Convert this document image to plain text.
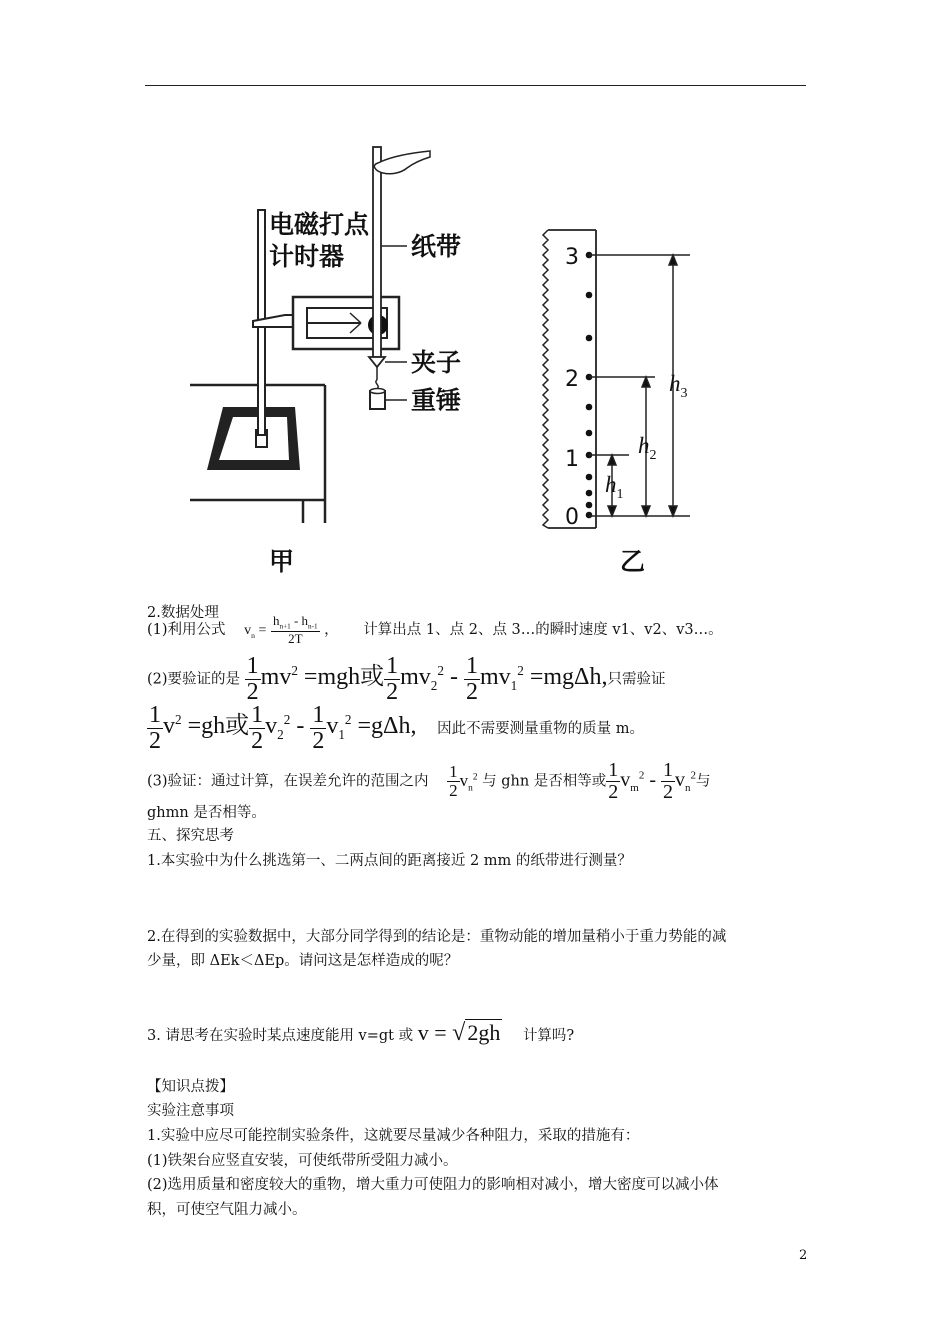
电磁打点
计时器	纸带
夹子
重锤
甲
3
2
1
0
$h_3$
$h_2$
$h_1$
乙
2.数据处理
(1)利用公式 $v_n = \frac{h_{n+1} - h_{n-1}}{2T}$ ， 计算出点 1、点 2、点 3…的瞬时速度 v1、v2、v3…。
(2)要验证的是 $\frac{1}{2} mv^2 =mgh$或 $\frac{1}{2} mv_2^2 - \frac{1}{2} mv_1^2 =mg\Delta h$,只需验证
$\frac{1}{2} v^2 =gh$或 $\frac{1}{2} v_2^2 - \frac{1}{2} v_1^2 =g\Delta h$, 因此不需要测量重物的质量 m。
(3)验证：通过计算，在误差允许的范围之内 $\frac{1}{2} v_n^2$ 与 ghn 是否相等或 $\frac{1}{2} v_m^2 - \frac{1}{2} v_n^2$与
ghmn 是否相等。
五、探究思考
1.本实验中为什么挑选第一、二两点间的距离接近 2 mm 的纸带进行测量？
2.在得到的实验数据中，大部分同学得到的结论是：重物动能的增加量稍小于重力势能的减
少量，即 ΔEk＜ΔEp。请问这是怎样造成的呢？
3. 请思考在实验时某点速度能用 v=gt 或 v = √2gh 计算吗?
【知识点拨】
实验注意事项
1.实验中应尽可能控制实验条件，这就要尽量减少各种阻力，采取的措施有：
(1)铁架台应竖直安装，可使纸带所受阻力减小。
(2)选用质量和密度较大的重物，增大重力可使阻力的影响相对减小，增大密度可以减小体
积，可使空气阻力减小。
2
